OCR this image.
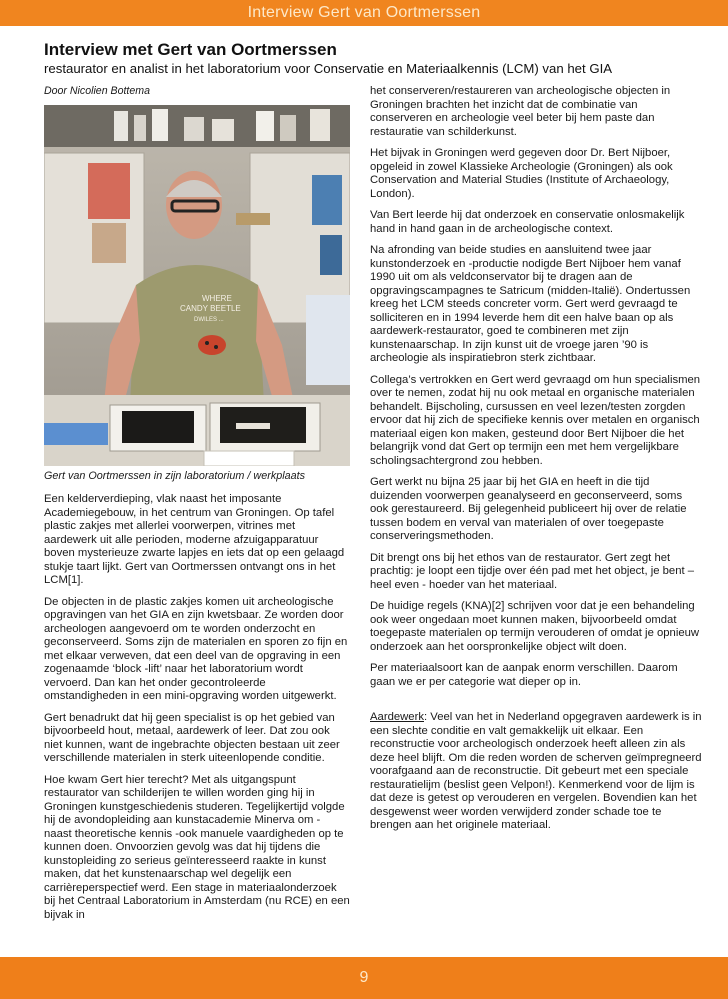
Interview Gert van Oortmerssen
Interview met Gert van Oortmerssen

restaurator en analist in het laboratorium voor Conservatie en Materiaalkennis (LCM) van het GIA

Door Nicolien Bottema

WHERE
CANDY BEETLE
DWILES ...

Gert van Oortmerssen in zijn laboratorium / werkplaats

Een kelderverdieping, vlak naast het imposante Academiegebouw, in het centrum van Groningen. Op tafel plastic zakjes met allerlei voorwerpen, vitrines met aardewerk uit alle perioden, moderne afzuigapparatuur boven mysterieuze zwarte lapjes en iets dat op een gelaagd stukje taart lijkt. Gert van Oortmerssen ontvangt ons in het LCM[1].

De objecten in de plastic zakjes komen uit archeologische opgravingen van het GIA en zijn kwetsbaar. Ze worden door archeologen aangevoerd om te worden onderzocht en geconserveerd. Soms zijn de materialen en sporen zo fijn en met elkaar verweven, dat een deel van de opgraving in een zogenaamde ‘block -lift’ naar het laboratorium wordt vervoerd. Dan kan het onder gecontroleerde omstandigheden in een mini-opgraving worden uitgewerkt.

Gert benadrukt dat hij geen specialist is op het gebied van bijvoorbeeld hout, metaal, aardewerk of leer. Dat zou ook niet kunnen, want de ingebrachte objecten bestaan uit zeer verschillende materialen in sterk uiteenlopende conditie.

Hoe kwam Gert hier terecht? Met als uitgangspunt restaurator van schilderijen te willen worden ging hij in Groningen kunstgeschiedenis studeren. Tegelijkertijd volgde hij de avondopleiding aan kunstacademie Minerva om - naast theoretische kennis -ook manuele vaardigheden op te kunnen doen. Onvoorzien gevolg was dat hij tijdens die kunstopleiding zo serieus geïnteresseerd raakte in kunst maken, dat het kunstenaarschap wel degelijk een carrièreperspectief werd. Een stage in materiaalonderzoek bij het Centraal Laboratorium in Amsterdam (nu RCE) en een bijvak in

het conserveren/restaureren van archeologische objecten in Groningen brachten het inzicht dat de combinatie van conserveren en archeologie veel beter bij hem paste dan restauratie van schilderkunst.

Het bijvak in Groningen werd gegeven door Dr. Bert Nijboer, opgeleid in zowel Klassieke Archeologie (Groningen) als ook Conservation and Material Studies (Institute of Archaeology, London).

Van Bert leerde hij dat onderzoek en conservatie onlosmakelijk hand in hand gaan in de archeologische context.

Na afronding van beide studies en aansluitend twee jaar kunstonderzoek en -productie nodigde Bert Nijboer hem vanaf 1990 uit om als veldconservator bij te dragen aan de opgravingscampagnes te Satricum (midden-Italië). Ondertussen kreeg het LCM steeds concreter vorm. Gert werd gevraagd te solliciteren en in 1994 leverde hem dit een halve baan op als aardewerk-restaurator, goed te combineren met zijn kunstenaarschap. In zijn kunst uit de vroege jaren ’90 is archeologie als inspiratiebron sterk zichtbaar.

Collega’s vertrokken en Gert werd gevraagd om hun specialismen over te nemen, zodat hij nu ook metaal en organische materialen behandelt. Bijscholing, cursussen en veel lezen/testen zorgden ervoor dat hij zich de specifieke kennis over metalen en organisch materiaal eigen kon maken, gesteund door Bert Nijboer die het belangrijk vond dat Gert op termijn een met hem vergelijkbare scholingsachtergrond zou hebben.

Gert werkt nu bijna 25 jaar bij het GIA en heeft in die tijd duizenden voorwerpen geanalyseerd en geconserveerd, soms ook gerestaureerd. Bij gelegenheid publiceert hij over de relatie tussen bodem en verval van materialen of over toegepaste conserveringsmethoden.

Dit brengt ons bij het ethos van de restaurator. Gert zegt het prachtig: je loopt een tijdje over één pad met het object, je bent – heel even - hoeder van het materiaal.

De huidige regels (KNA)[2] schrijven voor dat je een behandeling ook weer ongedaan moet kunnen maken, bijvoorbeeld omdat toegepaste materialen op termijn verouderen of omdat je opnieuw onderzoek aan het oorspronkelijke object wilt doen.

Per materiaalsoort kan de aanpak enorm verschillen. Daarom gaan we er per categorie wat dieper op in.

Aardewerk: Veel van het in Nederland opgegraven aardewerk is in een slechte conditie en valt gemakkelijk uit elkaar. Een reconstructie voor archeologisch onderzoek heeft alleen zin als deze heel blijft. Om die reden worden de scherven geïmpregneerd voorafgaand aan de reconstructie. Dit gebeurt met een speciale restauratielijm (beslist geen Velpon!). Kenmerkend voor de lijm is dat deze is getest op verouderen en vergelen. Bovendien kan het desgewenst weer worden verwijderd zonder schade toe te brengen aan het originele materiaal.

9
